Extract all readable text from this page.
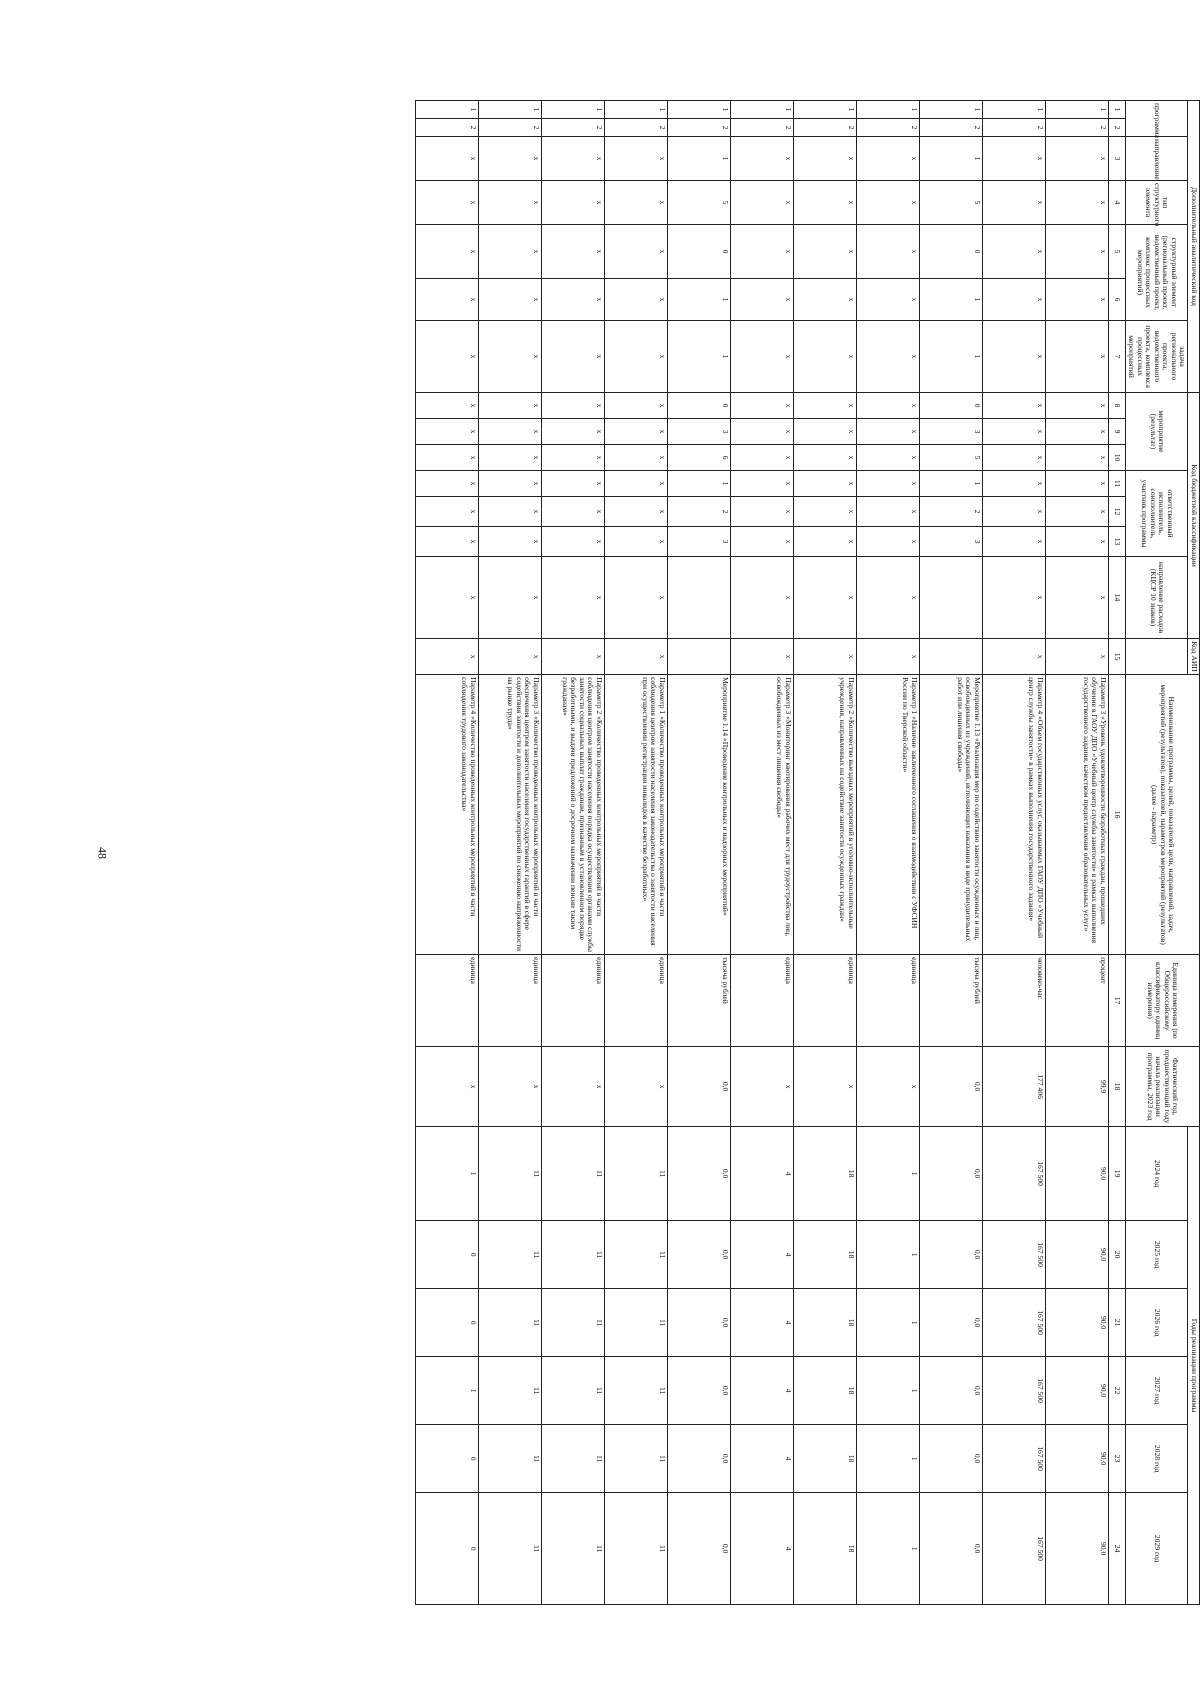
48
Дополнительный аналитический код							Код бюджетной классификации							Код АИП	Наименование программы, целей, показателей цели, направлений, задач, мероприятий (результатов), показателей, параметров мероприятий (результатов) (далее - параметр)	Единица измерения (по Общероссийскому классификатору единиц измерения)	Фактический год, предшествующий году начала реализации программы, 2023 год	Годы реализации программы					
программа		направление	тип структурного элемента	структурный элемент (региональный проект, ведомственный проект, комплекс процессных мероприятий)		задача регионального проекта, ведомственного проекта, комплекса процессных мероприятий	мероприятие (результат)			ответственный исполнитель, соисполнитель, участник программы			направление расходов (КЦСР 10 знаков)					2024 год	2025 год	2026 год	2027 год	2028 год	2029 год

1	2	3	4	5	6	7	8	9	10	11	12	13	14	15	16	17	18	19	20	21	22	23	24
1	2	х	х	х	х	х	х	х	х	х	х	х	х	х	Параметр 3 «Уровень удовлетворенности безработных граждан, прошедших обучение в ГАОУ ДПО «Учебный центр службы занятости» в рамках выполнения государственного задания, качеством предоставления образовательных услуг»	процент	99,9	90,0	90,0	90,0	90,0	90,0	90,0
1	2	х	х	х	х	х	х	х	х	х	х	х	х	х	Параметр 4 «Объем государственных услуг, оказываемых ГАОУ ДПО «Учебный центр службы занятости» в рамках выполнения государственного задания»	человеко-час	177 406	167 500	167 500	167 500	167 500	167 500	167 500
1	2	1	5	0	1	1	0	3	5	1	2	3			Мероприятие 1.13 «Реализация мер по содействию занятости осужденных и лиц, освобожденных из учреждений, исполняющих наказания в виде принудительных работ или лишения свободы»	тысяча рублей	0,0	0,0	0,0	0,0	0,0	0,0	0,0
1	2	х	х	х	х	х	х	х	х	х	х	х	х	х	Параметр 1 «Наличие заключенного соглашения о взаимодействии с УФСИН России по Тверской области»	единица	х	1	1	1	1	1	1
1	2	х	х	х	х	х	х	х	х	х	х	х	х	х	Параметр 2 «Количество выездных мероприятий в уголовно-исполнительные учреждения, направленных на содействие занятости осужденных граждан»	единица	х	18	18	18	18	18	18
1	2	х	х	х	х	х	х	х	х	х	х	х	х	х	Параметр 3 «Мониторинг квотирования рабочих мест для трудоустройства лиц, освобожденных из мест лишения свободы»	единица	х	4	4	4	4	4	4
1	2	1	5	0	1	1	0	3	6	1	2	3			Мероприятие 1.14 «Проведение контрольных и надзорных мероприятий»	тысяча рублей	0,0	0,0	0,0	0,0	0,0	0,0	0,0
1	2	х	х	х	х	х	х	х	х	х	х	х	х	х	Параметр 1 «Количество проведенных контрольных мероприятий в части соблюдения центром занятости населения законодательства о занятости населения при осуществлении регистрации инвалидов в качестве безработных»	единица	х	11	11	11	11	11	11
1	2	х	х	х	х	х	х	х	х	х	х	х	х	х	Параметр 2 «Количество проведенных контрольных мероприятий в части соблюдения центром занятости населения порядка осуществления органами службы занятости социальных выплат гражданам, признанным в установленном порядке безработными, и выдачи предложений о досрочном назначении пенсии таким гражданам»	единица	х	11	11	11	11	11	11
1	2	х	х	х	х	х	х	х	х	х	х	х	х	х	Параметр 3 «Количество проведенных контрольных мероприятий в части обеспечения центром занятости населения государственных гарантий в сфере содействия занятости и дополнительных мероприятий по снижению напряженности на рынке труда»	единица	х	11	11	11	11	11	11
1	2	х	х	х	х	х	х	х	х	х	х	х	х	х	Параметр 4 «Количество проведенных контрольных мероприятий в части соблюдения трудового законодательства»	единица	х	1	0	0	1	0	0
